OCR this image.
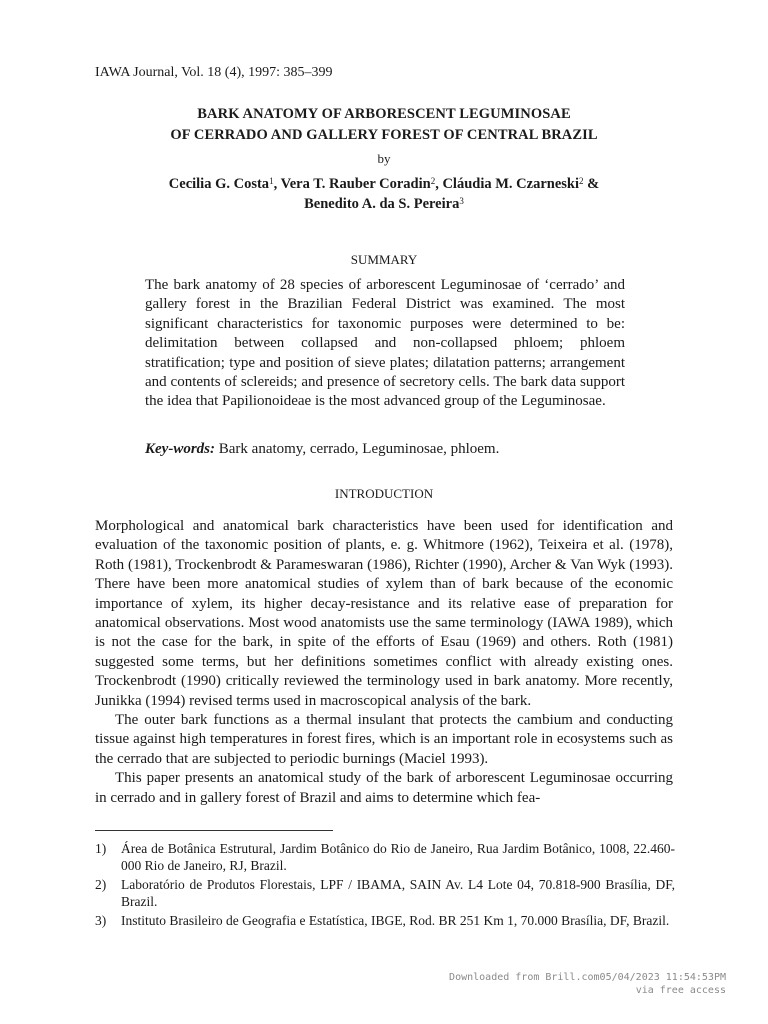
IAWA Journal, Vol. 18 (4), 1997: 385–399
BARK ANATOMY OF ARBORESCENT LEGUMINOSAE
OF CERRADO AND GALLERY FOREST OF CENTRAL BRAZIL
by
Cecilia G. Costa$^1$, Vera T. Rauber Coradin$^2$, Cláudia M. Czarneski$^2$ &
Benedito A. da S. Pereira$^3$
SUMMARY
The bark anatomy of 28 species of arborescent Leguminosae of ‘cerrado’ and gallery forest in the Brazilian Federal District was examined. The most significant characteristics for taxonomic purposes were determined to be: delimitation between collapsed and non-collapsed phloem; phloem stratification; type and position of sieve plates; dilatation patterns; arrangement and contents of sclereids; and presence of secretory cells. The bark data support the idea that Papilionoideae is the most advanced group of the Leguminosae.
Key-words: Bark anatomy, cerrado, Leguminosae, phloem.
INTRODUCTION

Morphological and anatomical bark characteristics have been used for identification and evaluation of the taxonomic position of plants, e. g. Whitmore (1962), Teixeira et al. (1978), Roth (1981), Trockenbrodt & Parameswaran (1986), Richter (1990), Archer & Van Wyk (1993). There have been more anatomical studies of xylem than of bark because of the economic importance of xylem, its higher decay-resistance and its relative ease of preparation for anatomical observations. Most wood anatomists use the same terminology (IAWA 1989), which is not the case for the bark, in spite of the efforts of Esau (1969) and others. Roth (1981) suggested some terms, but her definitions sometimes conflict with already existing ones. Trockenbrodt (1990) critically reviewed the terminology used in bark anatomy. More recently, Junikka (1994) revised terms used in macroscopical analysis of the bark.

The outer bark functions as a thermal insulant that protects the cambium and conducting tissue against high temperatures in forest fires, which is an important role in ecosystems such as the cerrado that are subjected to periodic burnings (Maciel 1993).

This paper presents an anatomical study of the bark of arborescent Leguminosae occurring in cerrado and in gallery forest of Brazil and aims to determine which fea-

1) Área de Botânica Estrutural, Jardim Botânico do Rio de Janeiro, Rua Jardim Botânico, 1008, 22.460-000 Rio de Janeiro, RJ, Brazil.
2) Laboratório de Produtos Florestais, LPF / IBAMA, SAIN Av. L4 Lote 04, 70.818-900 Brasília, DF, Brazil.
3) Instituto Brasileiro de Geografia e Estatística, IBGE, Rod. BR 251 Km 1, 70.000 Brasília, DF, Brazil.
Downloaded from Brill.com05/04/2023 11:54:53PM
via free access
